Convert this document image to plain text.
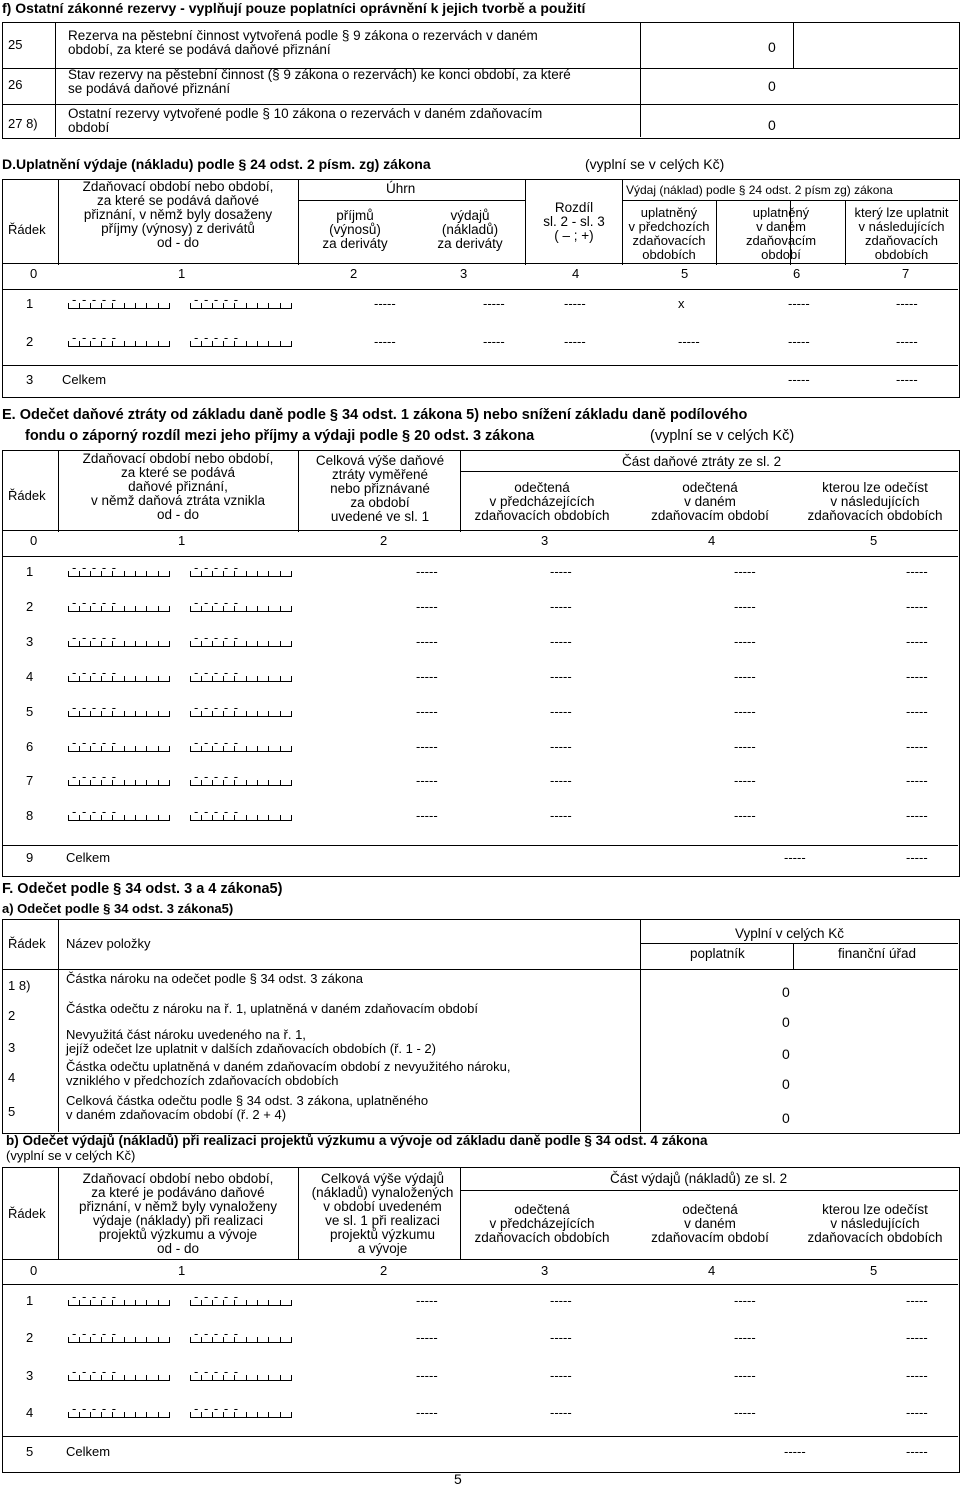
f) Ostatní zákonné rezervy - vyplňují pouze poplatníci oprávnění k jejich tvorbě a použití
25
Rezerva na pěstební činnost vytvořená podle § 9 zákona o rezervách v daném
období, za které se podává daňové přiznání	0
26
Stav rezervy na pěstební činnost (§ 9 zákona o rezervách) ke konci období, za které
se podává daňové přiznání	0
27 8)
Ostatní rezervy vytvořené podle § 10 zákona o rezervách v daném zdaňovacím
období	0
D.Uplatnění výdaje (nákladu) podle § 24 odst. 2 písm. zg) zákona	(vyplní se v celých Kč)
Řádek
Zdaňovací období nebo období,
za které se podává daňové
přiznání, v němž byly dosaženy
příjmy (výnosy) z derivátů
od - do
Úhrn
příjmů
(výnosů)
za deriváty
výdajů
(nákladů)
za deriváty
Rozdíl
sl. 2 - sl. 3
( – ; +)
Výdaj (náklad) podle § 24 odst. 2 písm zg) zákona
uplatněný
v předchozích
zdaňovacích
obdobích
uplatněný
v daném
zdaňovacím
období
který lze uplatnit
v následujících
zdaňovacích
obdobích
0	1	2	3	4	5	6	7
1	- - - - -	- - - - -	-----	-----	-----	x	-----	-----
2	- - - - -	- - - - -	-----	-----	-----	-----	-----	-----
3 Celkem	-----	-----
E. Odečet daňové ztráty od základu daně podle § 34 odst. 1 zákona 5) nebo snížení základu daně podílového
fondu o záporný rozdíl mezi jeho příjmy a výdaji podle § 20 odst. 3 zákona	(vyplní se v celých Kč)
Řádek
Zdaňovací období nebo období,
za které se podává
daňové přiznání,
v němž daňová ztráta vznikla
od - do
Celková výše daňové
ztráty vyměřené
nebo přiznávané
za období
uvedené ve sl. 1
Část daňové ztráty ze sl. 2
odečtená
v předcházejících
zdaňovacích obdobích
odečtená
v daném
zdaňovacím období
kterou lze odečíst
v následujících
zdaňovacích obdobích
0	1	2	3	4	5
1	- - - - -	- - - - -	-----	-----	-----	-----
2	- - - - -	- - - - -	-----	-----	-----	-----
3	- - - - -	- - - - -	-----	-----	-----	-----
4	- - - - -	- - - - -	-----	-----	-----	-----
5	- - - - -	- - - - -	-----	-----	-----	-----
6	- - - - -	- - - - -	-----	-----	-----	-----
7	- - - - -	- - - - -	-----	-----	-----	-----
8	- - - - -	- - - - -	-----	-----	-----	-----
9	Celkem	-----	-----
F. Odečet podle § 34 odst. 3 a 4 zákona5)
a) Odečet podle § 34 odst. 3 zákona5)
Řádek Název položky
Vyplní v celých Kč
poplatník	finanční úřad
1 8)	Částka nároku na odečet podle § 34 odst. 3 zákona
0
2	Částka odečtu z nároku na ř. 1, uplatněná v daném zdaňovacím období
0
3
Nevyužitá část nároku uvedeného na ř. 1,
jejíž odečet lze uplatnit v dalších zdaňovacích obdobích (ř. 1 - 2)	0
4
Částka odečtu uplatněná v daném zdaňovacím období z nevyužitého nároku,
vzniklého v předchozích zdaňovacích obdobích	0
5
Celková částka odečtu podle § 34 odst. 3 zákona, uplatněného
v daném zdaňovacím období (ř. 2 + 4)	0
b) Odečet výdajů (nákladů) při realizaci projektů výzkumu a vývoje od základu daně podle § 34 odst. 4 zákona
(vyplní se v celých Kč)
Řádek
Zdaňovací období nebo období,
za které je podáváno daňové
přiznání, v němž byly vynaloženy
výdaje (náklady) při realizaci
projektů výzkumu a vývoje
od - do
Celková výše výdajů
(nákladů) vynaložených
v období uvedeném
ve sl. 1 při realizaci
projektů výzkumu
a vývoje
Část výdajů (nákladů) ze sl. 2
odečtená
v předcházejících
zdaňovacích obdobích
odečtená
v daném
zdaňovacím období
kterou lze odečíst
v následujících
zdaňovacích obdobích
0	1	2	3	4	5
1	- - - - -	- - - - -	-----	-----	-----	-----
2	- - - - -	- - - - -	-----	-----	-----	-----
3	- - - - -	- - - - -	-----	-----	-----	-----
4	- - - - -	- - - - -	-----	-----	-----	-----
5	Celkem	-----	-----
5
